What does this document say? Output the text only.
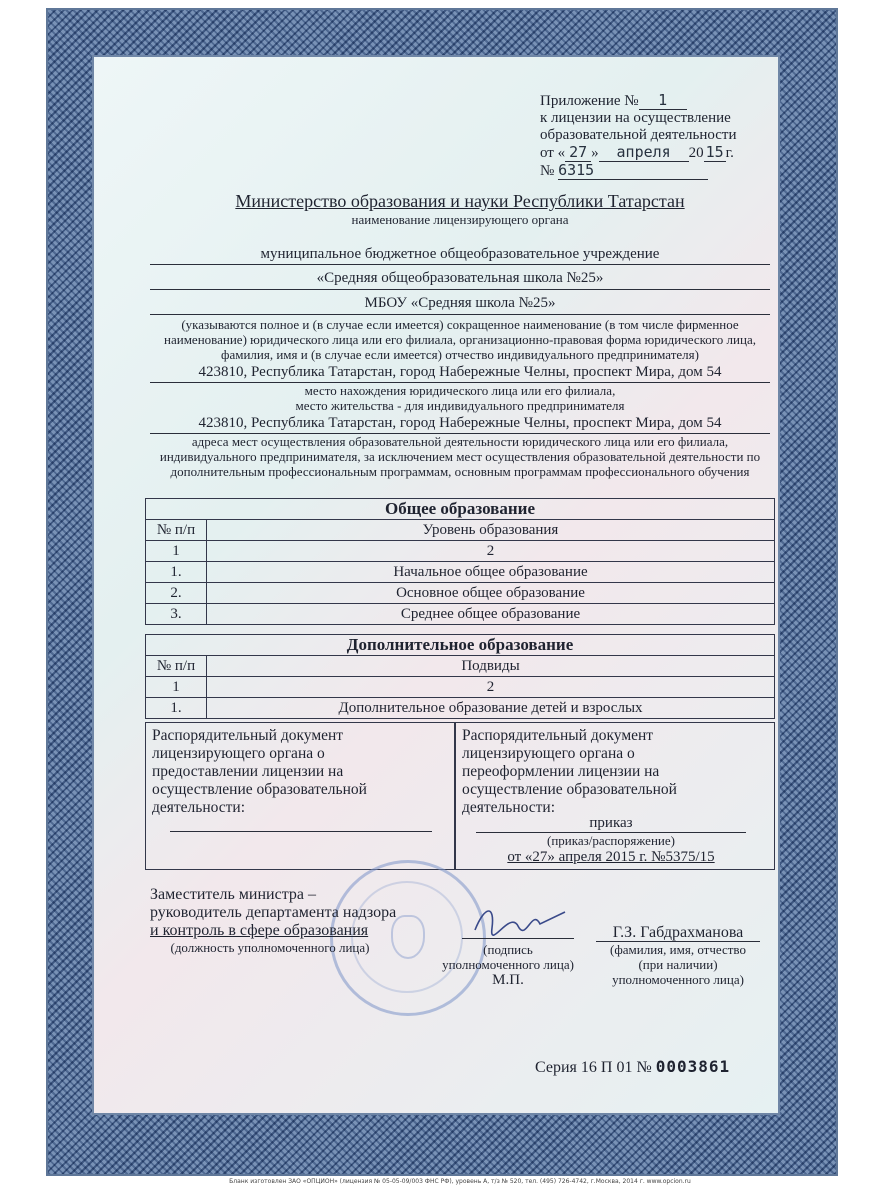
Приложение № 1
к лицензии на осуществление
образовательной деятельности
от « 27 » апреля 20 15 г.
№ 6315
Министерство образования и науки Республики Татарстан
наименование лицензирующего органа
муниципальное бюджетное общеобразовательное учреждение
«Средняя общеобразовательная школа №25»
МБОУ «Средняя школа №25»
(указываются полное и (в случае если имеется) сокращенное наименование (в том числе фирменное наименование) юридического лица или его филиала, организационно-правовая форма юридического лица, фамилия, имя и (в случае если имеется) отчество индивидуального предпринимателя)
423810, Республика Татарстан, город Набережные Челны, проспект Мира, дом 54
место нахождения юридического лица или его филиала,
место жительства - для индивидуального предпринимателя
423810, Республика Татарстан, город Набережные Челны, проспект Мира, дом 54
адреса мест осуществления образовательной деятельности юридического лица или его филиала, индивидуального предпринимателя, за исключением мест осуществления образовательной деятельности по дополнительным профессиональным программам, основным программам профессионального обучения
Общее образование	
№ п/п	Уровень образования
1	2
1.	Начальное общее образование
2.	Основное общее образование
3.	Среднее общее образование
Дополнительное образование	
№ п/п	Подвиды
1	2
1.	Дополнительное образование детей и взрослых
Распорядительный документ лицензирующего органа о предоставлении лицензии на осуществление образовательной деятельности:
Распорядительный документ лицензирующего органа о переоформлении лицензии на осуществление образовательной деятельности:
приказ
(приказ/распоряжение)
от «27» апреля 2015 г. №5375/15
Заместитель министра –
руководитель департамента надзора
и контроль в сфере образования
(должность уполномоченного лица)	(подпись
уполномоченного лица)
М.П.
Г.З. Габдрахманова
(фамилия, имя, отчество
(при наличии)
уполномоченного лица)
Серия 16 П 01 № 0003861
Бланк изготовлен ЗАО «ОПЦИОН» (лицензия № 05-05-09/003 ФНС РФ), уровень А, т/з № 520, тел. (495) 726-4742, г.Москва, 2014 г. www.opcion.ru
